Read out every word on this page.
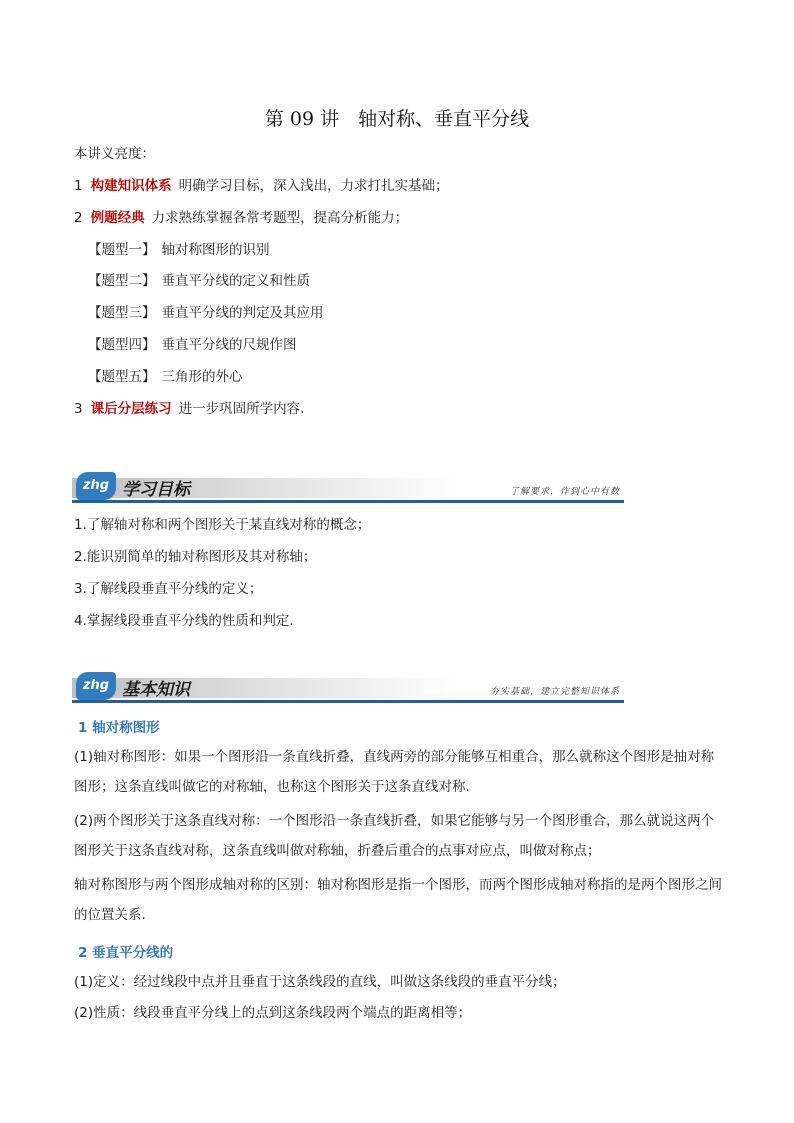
第 09 讲　轴对称、垂直平分线
本讲义亮度：
1 构建知识体系 明确学习目标，深入浅出，力求打扎实基础；
2 例题经典 力求熟练掌握各常考题型，提高分析能力；
【题型一】 轴对称图形的识别
【题型二】 垂直平分线的定义和性质
【题型三】 垂直平分线的判定及其应用
【题型四】 垂直平分线的尺规作图
【题型五】 三角形的外心
3 课后分层练习 进一步巩固所学内容.
zhg 学习目标	了解要求，作到心中有数
1.了解轴对称和两个图形关于某直线对称的概念；
2.能识别简单的轴对称图形及其对称轴；
3.了解线段垂直平分线的定义；
4.掌握线段垂直平分线的性质和判定.
zhg 基本知识	夯实基础，建立完整知识体系
1 轴对称图形
(1)轴对称图形：如果一个图形沿一条直线折叠，直线两旁的部分能够互相重合，那么就称这个图形是抽对称图形；这条直线叫做它的对称轴，也称这个图形关于这条直线对称.
(2)两个图形关于这条直线对称：一个图形沿一条直线折叠，如果它能够与另一个图形重合，那么就说这两个图形关于这条直线对称，这条直线叫做对称轴，折叠后重合的点事对应点，叫做对称点；
轴对称图形与两个图形成轴对称的区别：轴对称图形是指一个图形，而两个图形成轴对称指的是两个图形之间的位置关系.
2 垂直平分线的
(1)定义：经过线段中点并且垂直于这条线段的直线，叫做这条线段的垂直平分线；
(2)性质：线段垂直平分线上的点到这条线段两个端点的距离相等；
